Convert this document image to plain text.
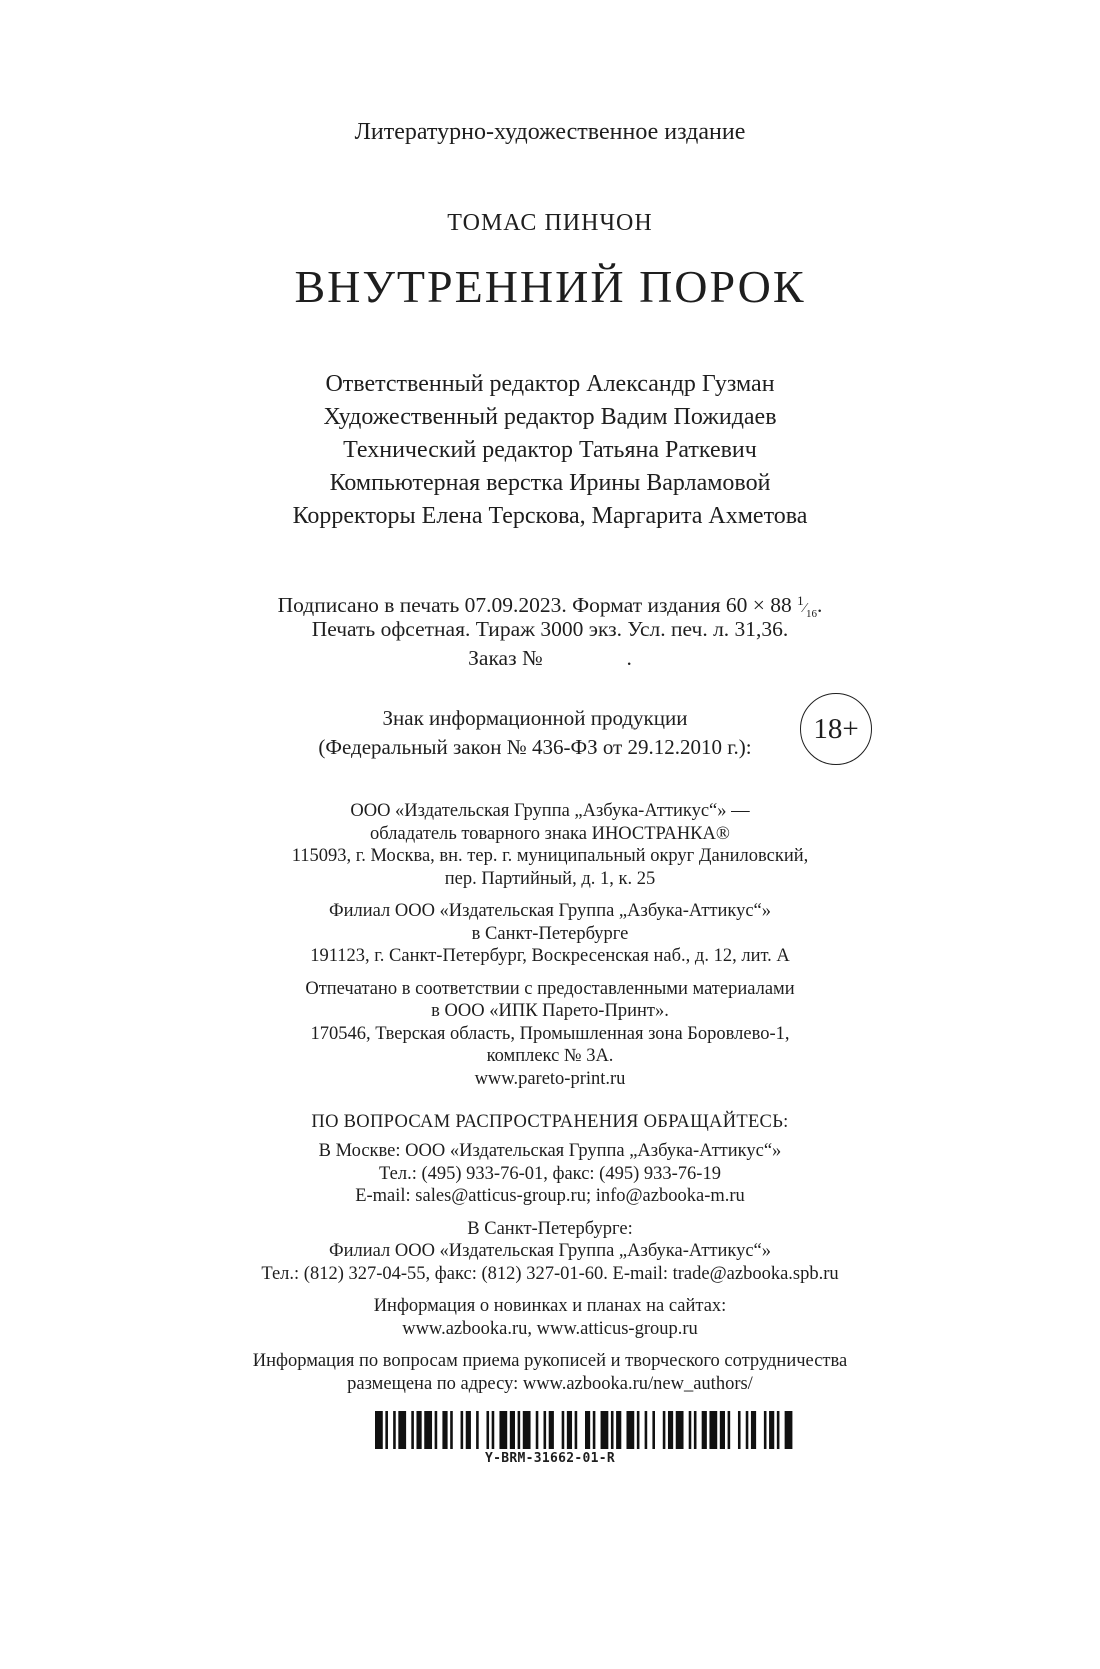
Литературно-художественное издание
ТОМАС ПИНЧОН
ВНУТРЕННИЙ ПОРОК
Ответственный редактор Александр Гузман
Художественный редактор Вадим Пожидаев
Технический редактор Татьяна Раткевич
Компьютерная верстка Ирины Варламовой
Корректоры Елена Терскова, Маргарита Ахметова
Подписано в печать 07.09.2023. Формат издания 60 × 88 $^1⁄_{16}$.
Печать офсетная. Тираж 3000 экз. Усл. печ. л. 31,36.
Заказ №	.
Знак информационной продукции
(Федеральный закон № 436-ФЗ от 29.12.2010 г.):
18+
ООО «Издательская Группа „Азбука-Аттикус“» —
обладатель товарного знака ИНОСТРАНКА®
115093, г. Москва, вн. тер. г. муниципальный округ Даниловский,
пер. Партийный, д. 1, к. 25
Филиал ООО «Издательская Группа „Азбука-Аттикус“»
в Санкт-Петербурге
191123, г. Санкт-Петербург, Воскресенская наб., д. 12, лит. А
Отпечатано в соответствии с предоставленными материалами
в ООО «ИПК Парето-Принт».
170546, Тверская область, Промышленная зона Боровлево-1,
комплекс № 3А.
www.pareto-print.ru
ПО ВОПРОСАМ РАСПРОСТРАНЕНИЯ ОБРАЩАЙТЕСЬ:
В Москве: ООО «Издательская Группа „Азбука-Аттикус“»
Тел.: (495) 933-76-01, факс: (495) 933-76-19
E-mail: sales@atticus-group.ru; info@azbooka-m.ru
В Санкт-Петербурге:
Филиал ООО «Издательская Группа „Азбука-Аттикус“»
Тел.: (812) 327-04-55, факс: (812) 327-01-60. E-mail: trade@azbooka.spb.ru
Информация о новинках и планах на сайтах:
www.azbooka.ru, www.atticus-group.ru
Информация по вопросам приема рукописей и творческого сотрудничества
размещена по адресу: www.azbooka.ru/new_authors/
Y-BRM-31662-01-R
